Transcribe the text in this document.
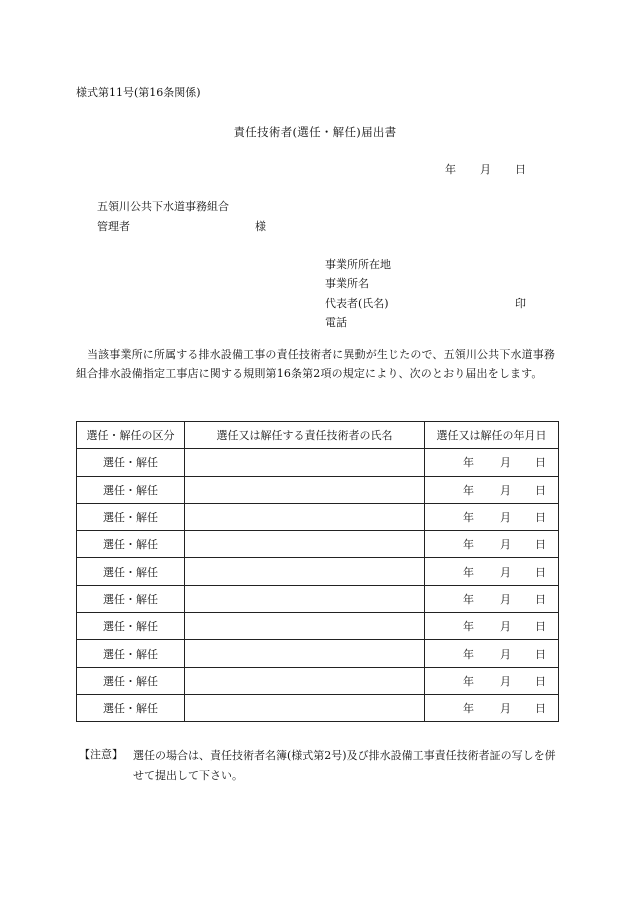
様式第11号(第16条関係)
責任技術者(選任・解任)届出書
年 月 日
五領川公共下水道事務組合
管理者	様
事業所所在地
事業所名
代表者(氏名)	印
電話
当該事業所に所属する排水設備工事の責任技術者に異動が生じたので、五領川公共下水道事務組合排水設備指定工事店に関する規則第16条第2項の規定により、次のとおり届出をします。
選任・解任の区分	選任又は解任する責任技術者の氏名	選任又は解任の年月日
選任・解任		年 月 日

選任・解任		年 月 日

選任・解任		年 月 日

選任・解任		年 月 日

選任・解任		年 月 日

選任・解任		年 月 日

選任・解任		年 月 日

選任・解任		年 月 日

選任・解任		年 月 日

選任・解任		年 月 日
【注意】 選任の場合は、責任技術者名簿(様式第2号)及び排水設備工事責任技術者証の写しを併せて提出して下さい。
